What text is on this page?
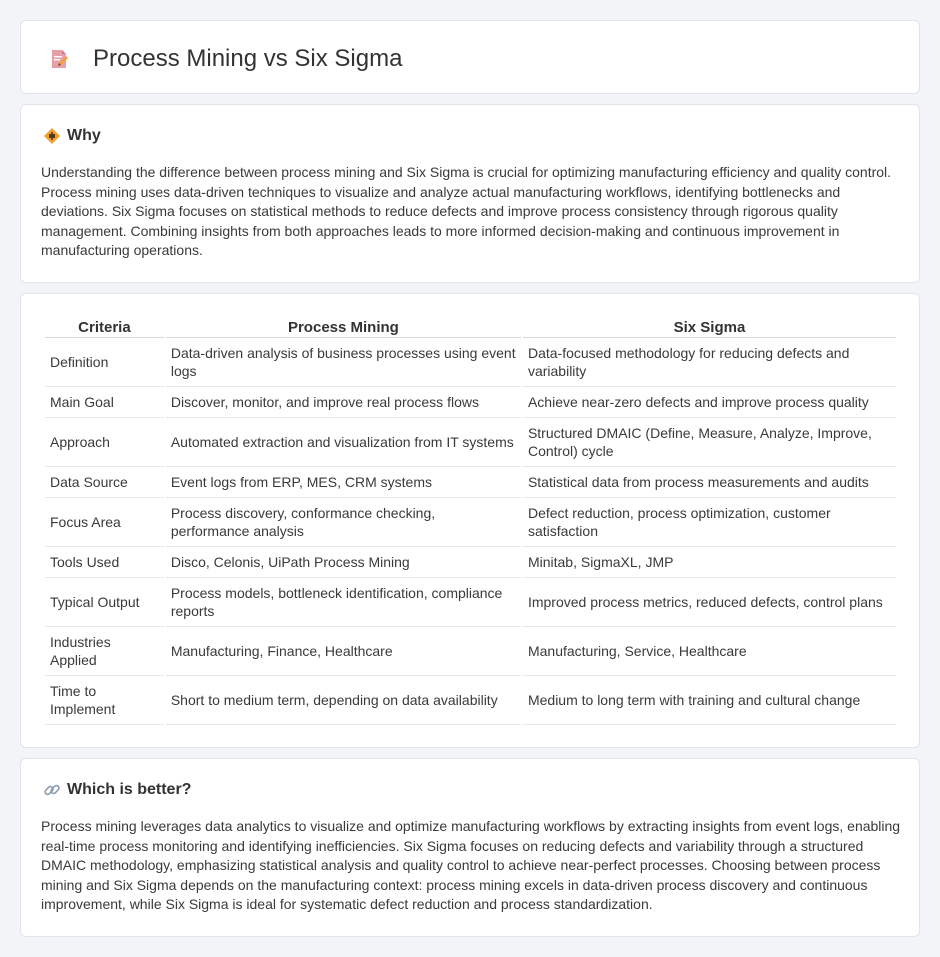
Process Mining vs Six Sigma
Why

Understanding the difference between process mining and Six Sigma is crucial for optimizing manufacturing efficiency and quality control. Process mining uses data-driven techniques to visualize and analyze actual manufacturing workflows, identifying bottlenecks and deviations. Six Sigma focuses on statistical methods to reduce defects and improve process consistency through rigorous quality management. Combining insights from both approaches leads to more informed decision-making and continuous improvement in manufacturing operations.

Criteria	Process Mining	Six Sigma
Definition	Data-driven analysis of business processes using event logs	Data-focused methodology for reducing defects and variability
Main Goal	Discover, monitor, and improve real process flows	Achieve near-zero defects and improve process quality
Approach	Automated extraction and visualization from IT systems	Structured DMAIC (Define, Measure, Analyze, Improve, Control) cycle
Data Source	Event logs from ERP, MES, CRM systems	Statistical data from process measurements and audits
Focus Area	Process discovery, conformance checking, performance analysis	Defect reduction, process optimization, customer satisfaction
Tools Used	Disco, Celonis, UiPath Process Mining	Minitab, SigmaXL, JMP
Typical Output	Process models, bottleneck identification, compliance reports	Improved process metrics, reduced defects, control plans
Industries Applied	Manufacturing, Finance, Healthcare	Manufacturing, Service, Healthcare
Time to Implement	Short to medium term, depending on data availability	Medium to long term with training and cultural change
Which is better?

Process mining leverages data analytics to visualize and optimize manufacturing workflows by extracting insights from event logs, enabling real-time process monitoring and identifying inefficiencies. Six Sigma focuses on reducing defects and variability through a structured DMAIC methodology, emphasizing statistical analysis and quality control to achieve near-perfect processes. Choosing between process mining and Six Sigma depends on the manufacturing context: process mining excels in data-driven process discovery and continuous improvement, while Six Sigma is ideal for systematic defect reduction and process standardization.
